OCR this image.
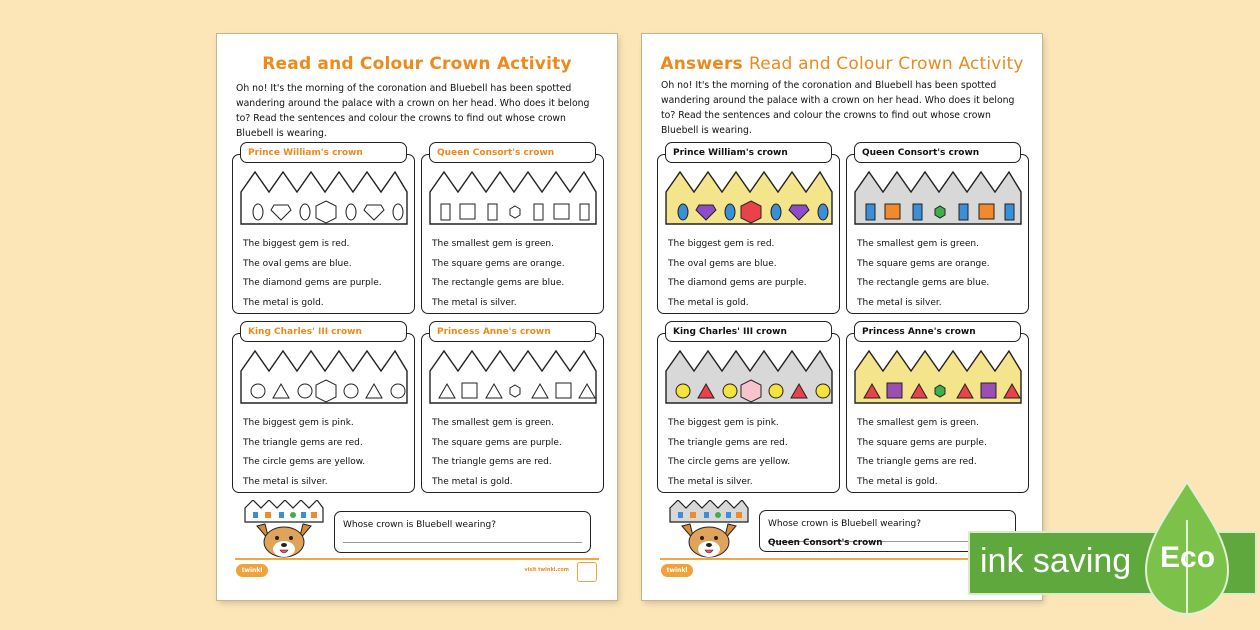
Read and Colour Crown Activity
Oh no! It's the morning of the coronation and Bluebell has been spotted wandering around the palace with a crown on her head. Who does it belong to? Read the sentences and colour the crowns to find out whose crown Bluebell is wearing.
Prince William's crown
The biggest gem is red.
The oval gems are blue.
The diamond gems are purple.
The metal is gold.
Queen Consort's crown
The smallest gem is green.
The square gems are orange.
The rectangle gems are blue.
The metal is silver.
King Charles' III crown
The biggest gem is pink.
The triangle gems are red.
The circle gems are yellow.
The metal is silver.
Princess Anne's crown
The smallest gem is green.
The square gems are purple.
The triangle gems are red.
The metal is gold.
Whose crown is Bluebell wearing?
twinkl	visit twinkl.com
Answers Read and Colour Crown Activity
Oh no! It's the morning of the coronation and Bluebell has been spotted wandering around the palace with a crown on her head. Who does it belong to? Read the sentences and colour the crowns to find out whose crown Bluebell is wearing.
Prince William's crown
The biggest gem is red.
The oval gems are blue.
The diamond gems are purple.
The metal is gold.
Queen Consort's crown
The smallest gem is green.
The square gems are orange.
The rectangle gems are blue.
The metal is silver.
King Charles' III crown
The biggest gem is pink.
The triangle gems are red.
The circle gems are yellow.
The metal is silver.
Princess Anne's crown
The smallest gem is green.
The square gems are purple.
The triangle gems are red.
The metal is gold.
Whose crown is Bluebell wearing?
Queen Consort's crown
twinkl	ink saving Eco
